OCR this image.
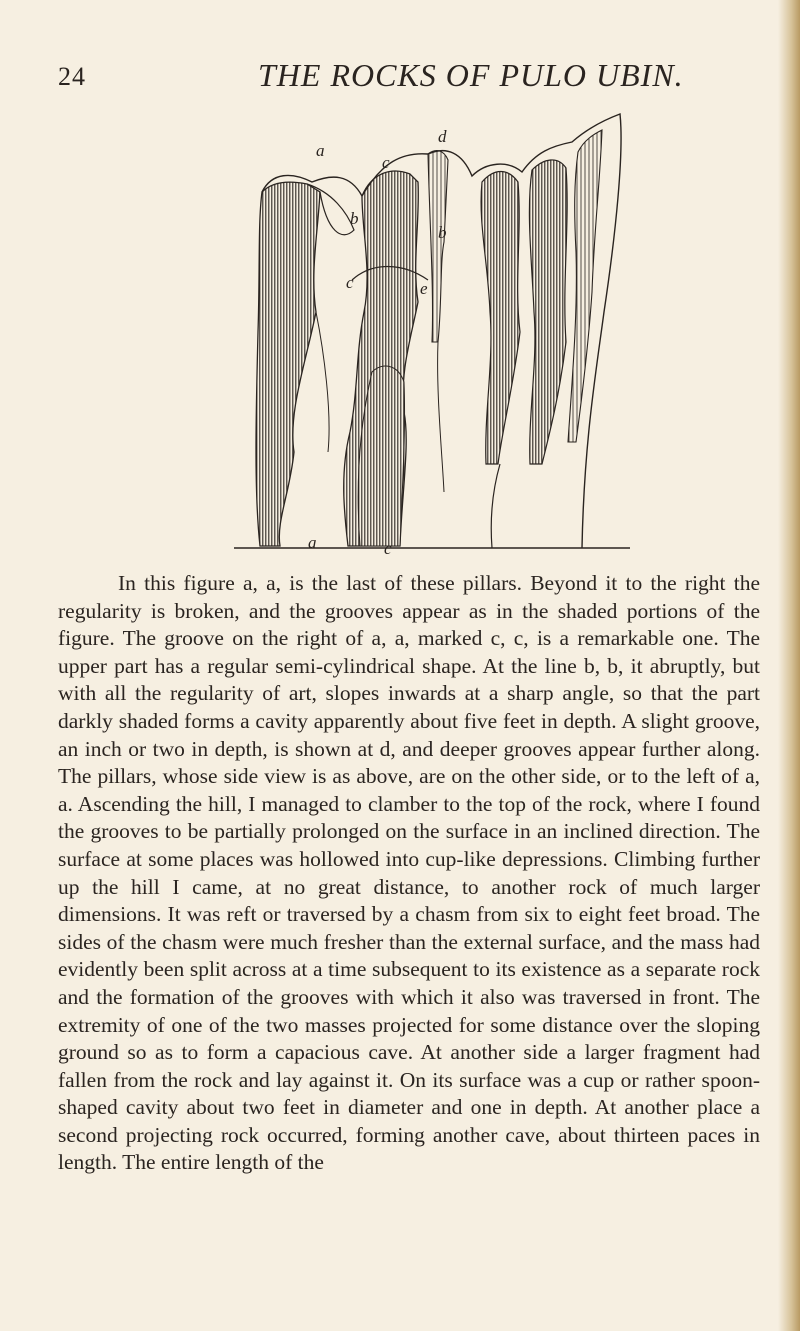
24	THE ROCKS OF PULO UBIN.
a
c
d
b
b
c	e
a	c

In this figure a, a, is the last of these pillars. Beyond it to the right the regularity is broken, and the grooves appear as in the shaded portions of the figure. The groove on the right of a, a, marked c, c, is a remarkable one. The upper part has a regular semi-cylindrical shape. At the line b, b, it abruptly, but with all the regularity of art, slopes inwards at a sharp angle, so that the part darkly shaded forms a cavity apparently about five feet in depth. A slight groove, an inch or two in depth, is shown at d, and deeper grooves appear further along. The pillars, whose side view is as above, are on the other side, or to the left of a, a. Ascending the hill, I managed to clamber to the top of the rock, where I found the grooves to be partially prolonged on the surface in an inclined direction. The surface at some places was hollowed into cup-like depressions. Climbing further up the hill I came, at no great distance, to another rock of much larger dimensions. It was reft or traversed by a chasm from six to eight feet broad. The sides of the chasm were much fresher than the external surface, and the mass had evidently been split across at a time subsequent to its existence as a separate rock and the formation of the grooves with which it also was traversed in front. The extremity of one of the two masses projected for some distance over the sloping ground so as to form a capacious cave. At another side a larger fragment had fallen from the rock and lay against it. On its surface was a cup or rather spoon-shaped cavity about two feet in diameter and one in depth. At another place a second projecting rock occurred, forming another cave, about thirteen paces in length. The entire length of the
